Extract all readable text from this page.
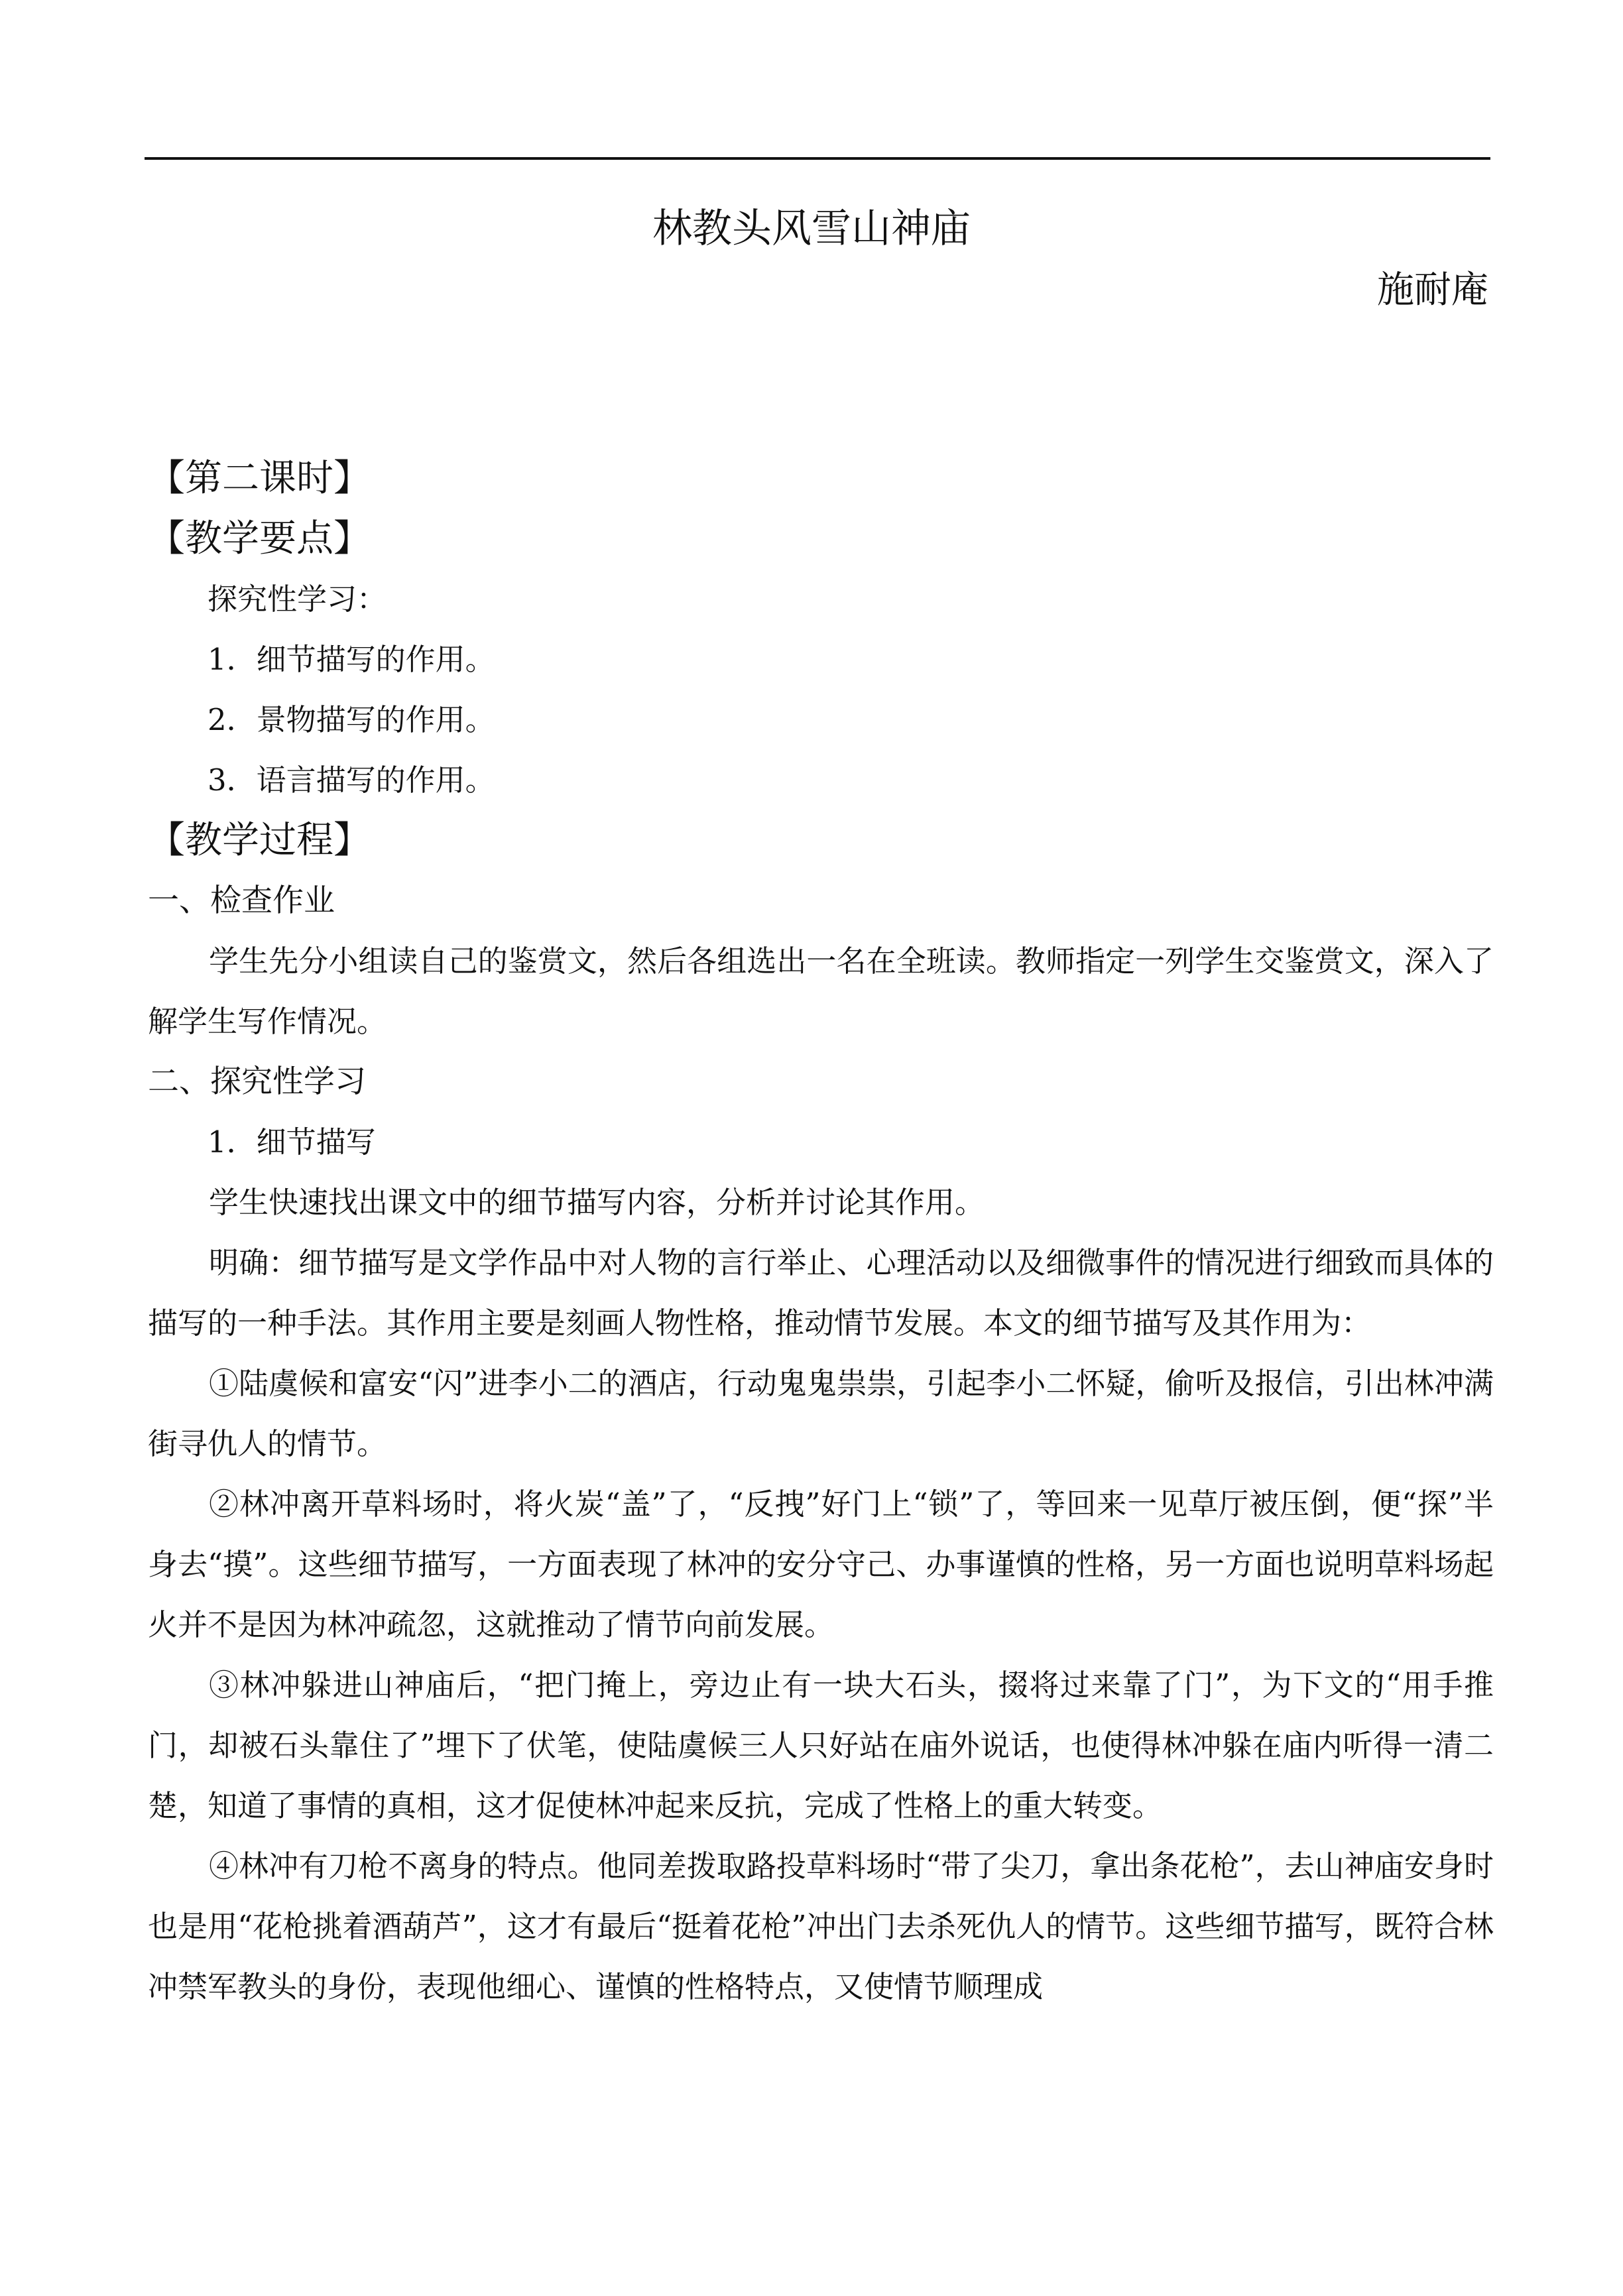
林教头风雪山神庙

施耐庵

【第二课时】

【教学要点】

探究性学习：

1．细节描写的作用。

2．景物描写的作用。

3．语言描写的作用。

【教学过程】

一、检查作业

学生先分小组读自己的鉴赏文，然后各组选出一名在全班读。教师指定一列学生交鉴赏文，深入了解学生写作情况。

二、探究性学习

1．细节描写

学生快速找出课文中的细节描写内容，分析并讨论其作用。

明确：细节描写是文学作品中对人物的言行举止、心理活动以及细微事件的情况进行细致而具体的描写的一种手法。其作用主要是刻画人物性格，推动情节发展。本文的细节描写及其作用为：

①陆虞候和富安“闪”进李小二的酒店，行动鬼鬼祟祟，引起李小二怀疑，偷听及报信，引出林冲满街寻仇人的情节。

②林冲离开草料场时，将火炭“盖”了，“反拽”好门上“锁”了，等回来一见草厅被压倒，便“探”半身去“摸”。这些细节描写，一方面表现了林冲的安分守己、办事谨慎的性格，另一方面也说明草料场起火并不是因为林冲疏忽，这就推动了情节向前发展。

③林冲躲进山神庙后，“把门掩上，旁边止有一块大石头，掇将过来靠了门”，为下文的“用手推门，却被石头靠住了”埋下了伏笔，使陆虞候三人只好站在庙外说话，也使得林冲躲在庙内听得一清二楚，知道了事情的真相，这才促使林冲起来反抗，完成了性格上的重大转变。

④林冲有刀枪不离身的特点。他同差拨取路投草料场时“带了尖刀，拿出条花枪”，去山神庙安身时也是用“花枪挑着酒葫芦”，这才有最后“挺着花枪”冲出门去杀死仇人的情节。这些细节描写，既符合林冲禁军教头的身份，表现他细心、谨慎的性格特点，又使情节顺理成
